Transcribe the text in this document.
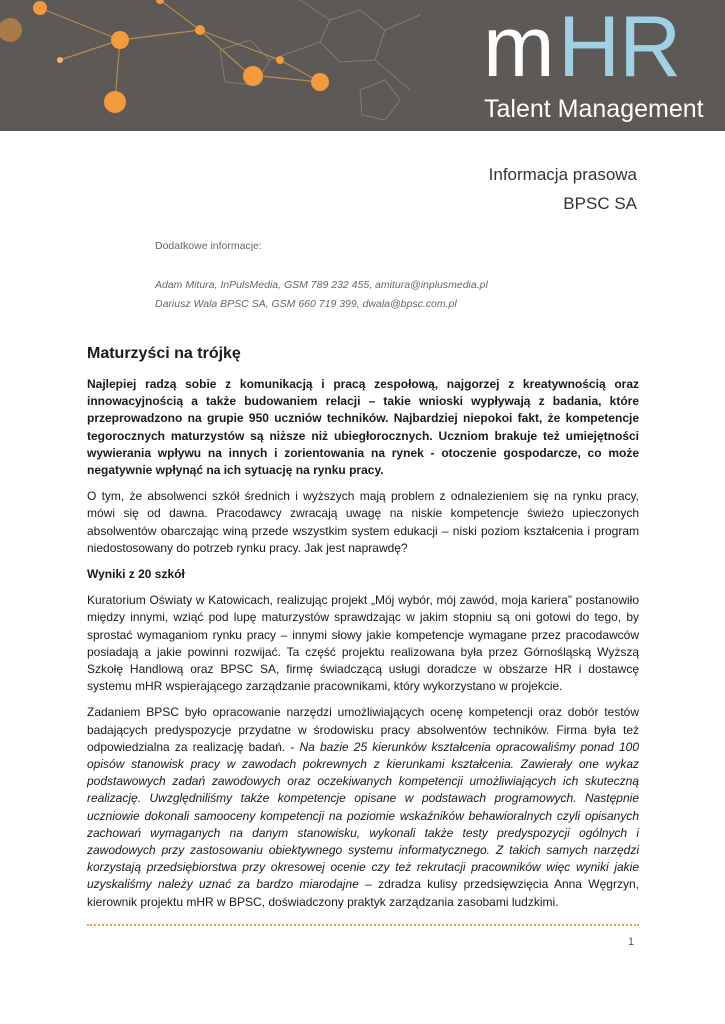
m HR
Talent Management
Informacja prasowa
BPSC SA

Dodatkowe informacje:

Adam Mitura, InPulsMedia, GSM 789 232 455, amitura@inplusmedia.pl

Dariusz Wala BPSC SA, GSM 660 719 399, dwala@bpsc.com.pl

Maturzyści na trójkę

Najlepiej radzą sobie z komunikacją i pracą zespołową, najgorzej z kreatywnością oraz innowacyjnością a także budowaniem relacji – takie wnioski wypływają z badania, które przeprowadzono na grupie 950 uczniów techników. Najbardziej niepokoi fakt, że kompetencje tegorocznych maturzystów są niższe niż ubiegłorocznych. Uczniom brakuje też umiejętności wywierania wpływu na innych i zorientowania na rynek - otoczenie gospodarcze, co może negatywnie wpłynąć na ich sytuację na rynku pracy.

O tym, że absolwenci szkół średnich i wyższych mają problem z odnalezieniem się na rynku pracy, mówi się od dawna. Pracodawcy zwracają uwagę na niskie kompetencje świeżo upieczonych absolwentów obarczając winą przede wszystkim system edukacji – niski poziom kształcenia i program niedostosowany do potrzeb rynku pracy. Jak jest naprawdę?

Wyniki z 20 szkół

Kuratorium Oświaty w Katowicach, realizując projekt „Mój wybór, mój zawód, moja kariera” postanowiło między innymi, wziąć pod lupę maturzystów sprawdzając w jakim stopniu są oni gotowi do tego, by sprostać wymaganiom rynku pracy – innymi słowy jakie kompetencje wymagane przez pracodawców posiadają a jakie powinni rozwijać. Ta część projektu realizowana była przez Górnośląską Wyższą Szkołę Handlową oraz BPSC SA, firmę świadczącą usługi doradcze w obszarze HR i dostawcę systemu mHR wspierającego zarządzanie pracownikami, który wykorzystano w projekcie.

Zadaniem BPSC było opracowanie narzędzi umożliwiających ocenę kompetencji oraz dobór testów badających predyspozycje przydatne w środowisku pracy absolwentów techników. Firma była też odpowiedzialna za realizację badań. - Na bazie 25 kierunków kształcenia opracowaliśmy ponad 100 opisów stanowisk pracy w zawodach pokrewnych z kierunkami kształcenia. Zawierały one wykaz podstawowych zadań zawodowych oraz oczekiwanych kompetencji umożliwiających ich skuteczną realizację. Uwzględniliśmy także kompetencje opisane w podstawach programowych. Następnie uczniowie dokonali samooceny kompetencji na poziomie wskaźników behawioralnych czyli opisanych zachowań wymaganych na danym stanowisku, wykonali także testy predyspozycji ogólnych i zawodowych przy zastosowaniu obiektywnego systemu informatycznego. Z takich samych narzędzi korzystają przedsiębiorstwa przy okresowej ocenie czy też rekrutacji pracowników więc wyniki jakie uzyskaliśmy należy uznać za bardzo miarodajne – zdradza kulisy przedsięwzięcia Anna Węgrzyn, kierownik projektu mHR w BPSC, doświadczony praktyk zarządzania zasobami ludzkimi.

1
